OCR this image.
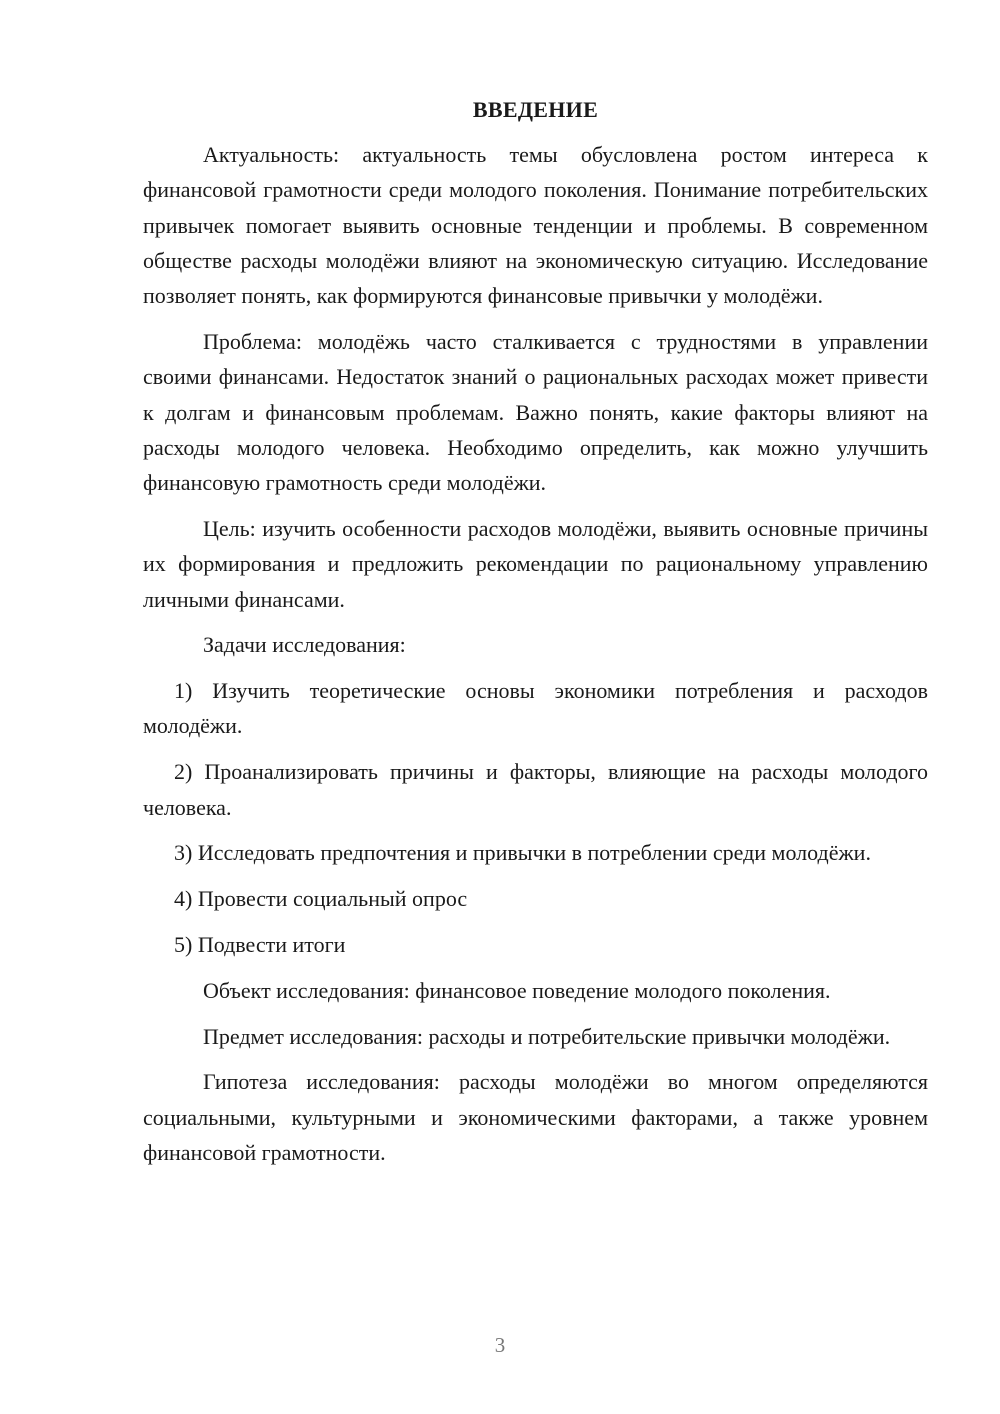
ВВЕДЕНИЕ

Актуальность: актуальность темы обусловлена ростом интереса к финансовой грамотности среди молодого поколения. Понимание потребительских привычек помогает выявить основные тенденции и проблемы. В современном обществе расходы молодёжи влияют на экономическую ситуацию. Исследование позволяет понять, как формируются финансовые привычки у молодёжи.

Проблема: молодёжь часто сталкивается с трудностями в управлении своими финансами. Недостаток знаний о рациональных расходах может привести к долгам и финансовым проблемам. Важно понять, какие факторы влияют на расходы молодого человека. Необходимо определить, как можно улучшить финансовую грамотность среди молодёжи.

Цель: изучить особенности расходов молодёжи, выявить основные причины их формирования и предложить рекомендации по рациональному управлению личными финансами.

Задачи исследования:

1) Изучить теоретические основы экономики потребления и расходов молодёжи.

2) Проанализировать причины и факторы, влияющие на расходы молодого человека.

3) Исследовать предпочтения и привычки в потреблении среди молодёжи.

4) Провести социальный опрос

5) Подвести итоги

Объект исследования: финансовое поведение молодого поколения.

Предмет исследования: расходы и потребительские привычки молодёжи.

Гипотеза исследования: расходы молодёжи во многом определяются социальными, культурными и экономическими факторами, а также уровнем финансовой грамотности.

3
